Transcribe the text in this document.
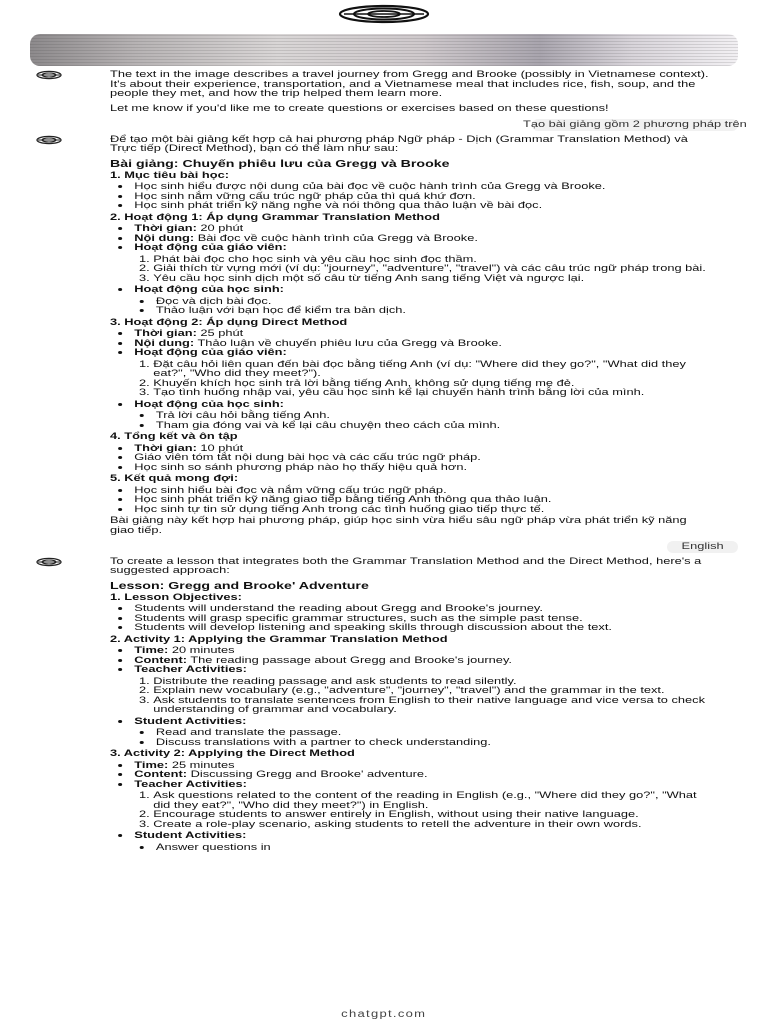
The text in the image describes a travel journey from Gregg and Brooke (possibly in Vietnamese context). It's about their experience, transportation, and a Vietnamese meal that includes rice, fish, soup, and the people they met, and how the trip helped them learn more.

Let me know if you'd like me to create questions or exercises based on these questions!

Tạo bài giảng gồm 2 phương pháp trên

Để tạo một bài giảng kết hợp cả hai phương pháp Ngữ pháp - Dịch (Grammar Translation Method) và Trực tiếp (Direct Method), bạn có thể làm như sau:

Bài giảng: Chuyến phiêu lưu của Gregg và Brooke
1. Mục tiêu bài học:
• Học sinh hiểu được nội dung của bài đọc về cuộc hành trình của Gregg và Brooke.
• Học sinh nắm vững cấu trúc ngữ pháp của thì quá khứ đơn.
• Học sinh phát triển kỹ năng nghe và nói thông qua thảo luận về bài đọc.
2. Hoạt động 1: Áp dụng Grammar Translation Method
• Thời gian: 20 phút
• Nội dung: Bài đọc về cuộc hành trình của Gregg và Brooke.
• Hoạt động của giáo viên:
1. Phát bài đọc cho học sinh và yêu cầu học sinh đọc thầm.
2. Giải thích từ vựng mới (ví dụ: "journey", "adventure", "travel") và các câu trúc ngữ pháp trong bài.
3. Yêu cầu học sinh dịch một số câu từ tiếng Anh sang tiếng Việt và ngược lại.
• Hoạt động của học sinh:
• Đọc và dịch bài đọc.
• Thảo luận với bạn học để kiểm tra bản dịch.
3. Hoạt động 2: Áp dụng Direct Method
• Thời gian: 25 phút
• Nội dung: Thảo luận về chuyến phiêu lưu của Gregg và Brooke.
• Hoạt động của giáo viên:
1. Đặt câu hỏi liên quan đến bài đọc bằng tiếng Anh (ví dụ: "Where did they go?", "What did they eat?", "Who did they meet?").
2. Khuyến khích học sinh trả lời bằng tiếng Anh, không sử dụng tiếng mẹ đẻ.
3. Tạo tình huống nhập vai, yêu cầu học sinh kể lại chuyến hành trình bằng lời của mình.
• Hoạt động của học sinh:
• Trả lời câu hỏi bằng tiếng Anh.
• Tham gia đóng vai và kể lại câu chuyện theo cách của mình.
4. Tổng kết và ôn tập
• Thời gian: 10 phút
• Giáo viên tóm tắt nội dung bài học và các cấu trúc ngữ pháp.
• Học sinh so sánh phương pháp nào họ thấy hiệu quả hơn.
5. Kết quả mong đợi:
• Học sinh hiểu bài đọc và nắm vững cấu trúc ngữ pháp.
• Học sinh phát triển kỹ năng giao tiếp bằng tiếng Anh thông qua thảo luận.
• Học sinh tự tin sử dụng tiếng Anh trong các tình huống giao tiếp thực tế.

Bài giảng này kết hợp hai phương pháp, giúp học sinh vừa hiểu sâu ngữ pháp vừa phát triển kỹ năng giao tiếp.

English

To create a lesson that integrates both the Grammar Translation Method and the Direct Method, here's a suggested approach:

Lesson: Gregg and Brooke' Adventure
1. Lesson Objectives:
• Students will understand the reading about Gregg and Brooke's journey.
• Students will grasp specific grammar structures, such as the simple past tense.
• Students will develop listening and speaking skills through discussion about the text.
2. Activity 1: Applying the Grammar Translation Method
• Time: 20 minutes
• Content: The reading passage about Gregg and Brooke's journey.
• Teacher Activities:
1. Distribute the reading passage and ask students to read silently.
2. Explain new vocabulary (e.g., "adventure", "journey", "travel") and the grammar in the text.
3. Ask students to translate sentences from English to their native language and vice versa to check understanding of grammar and vocabulary.
• Student Activities:
• Read and translate the passage.
• Discuss translations with a partner to check understanding.
3. Activity 2: Applying the Direct Method
• Time: 25 minutes
• Content: Discussing Gregg and Brooke' adventure.
• Teacher Activities:
1. Ask questions related to the content of the reading in English (e.g., "Where did they go?", "What did they eat?", "Who did they meet?") in English.
2. Encourage students to answer entirely in English, without using their native language.
3. Create a role-play scenario, asking students to retell the adventure in their own words.
• Student Activities:
• Answer questions in
chatgpt.com
